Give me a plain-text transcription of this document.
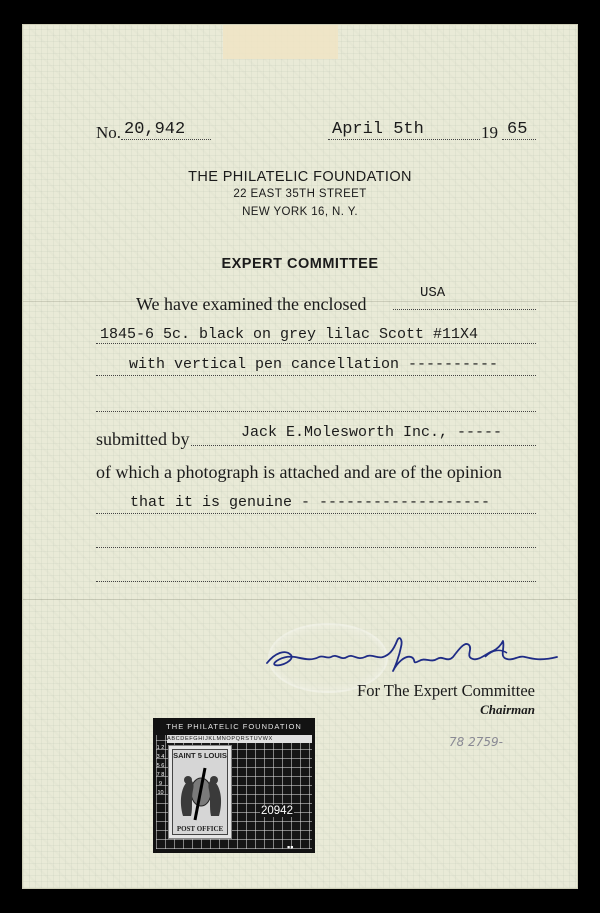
No. 20,942	April 5th	19 65
THE PHILATELIC FOUNDATION
22 EAST 35TH STREET
NEW YORK 16, N. Y.
EXPERT COMMITTEE
We have examined the enclosed
USA
1845-6 5c. black on grey lilac Scott #11X4
with vertical pen cancellation ----------
submitted by	Jack E.Molesworth Inc., -----
of which a photograph is attached and are of the opinion
that it is genuine - -------------------
For The Expert Committee
Chairman
78 2759-
THE PHILATELIC FOUNDATION
ABCDEFGHIJKLMNOPQRSTUVWX
1 2 3 4 5 6 7 8 9 10
SAINT 5 LOUIS
POST OFFICE
20942
▪▪
